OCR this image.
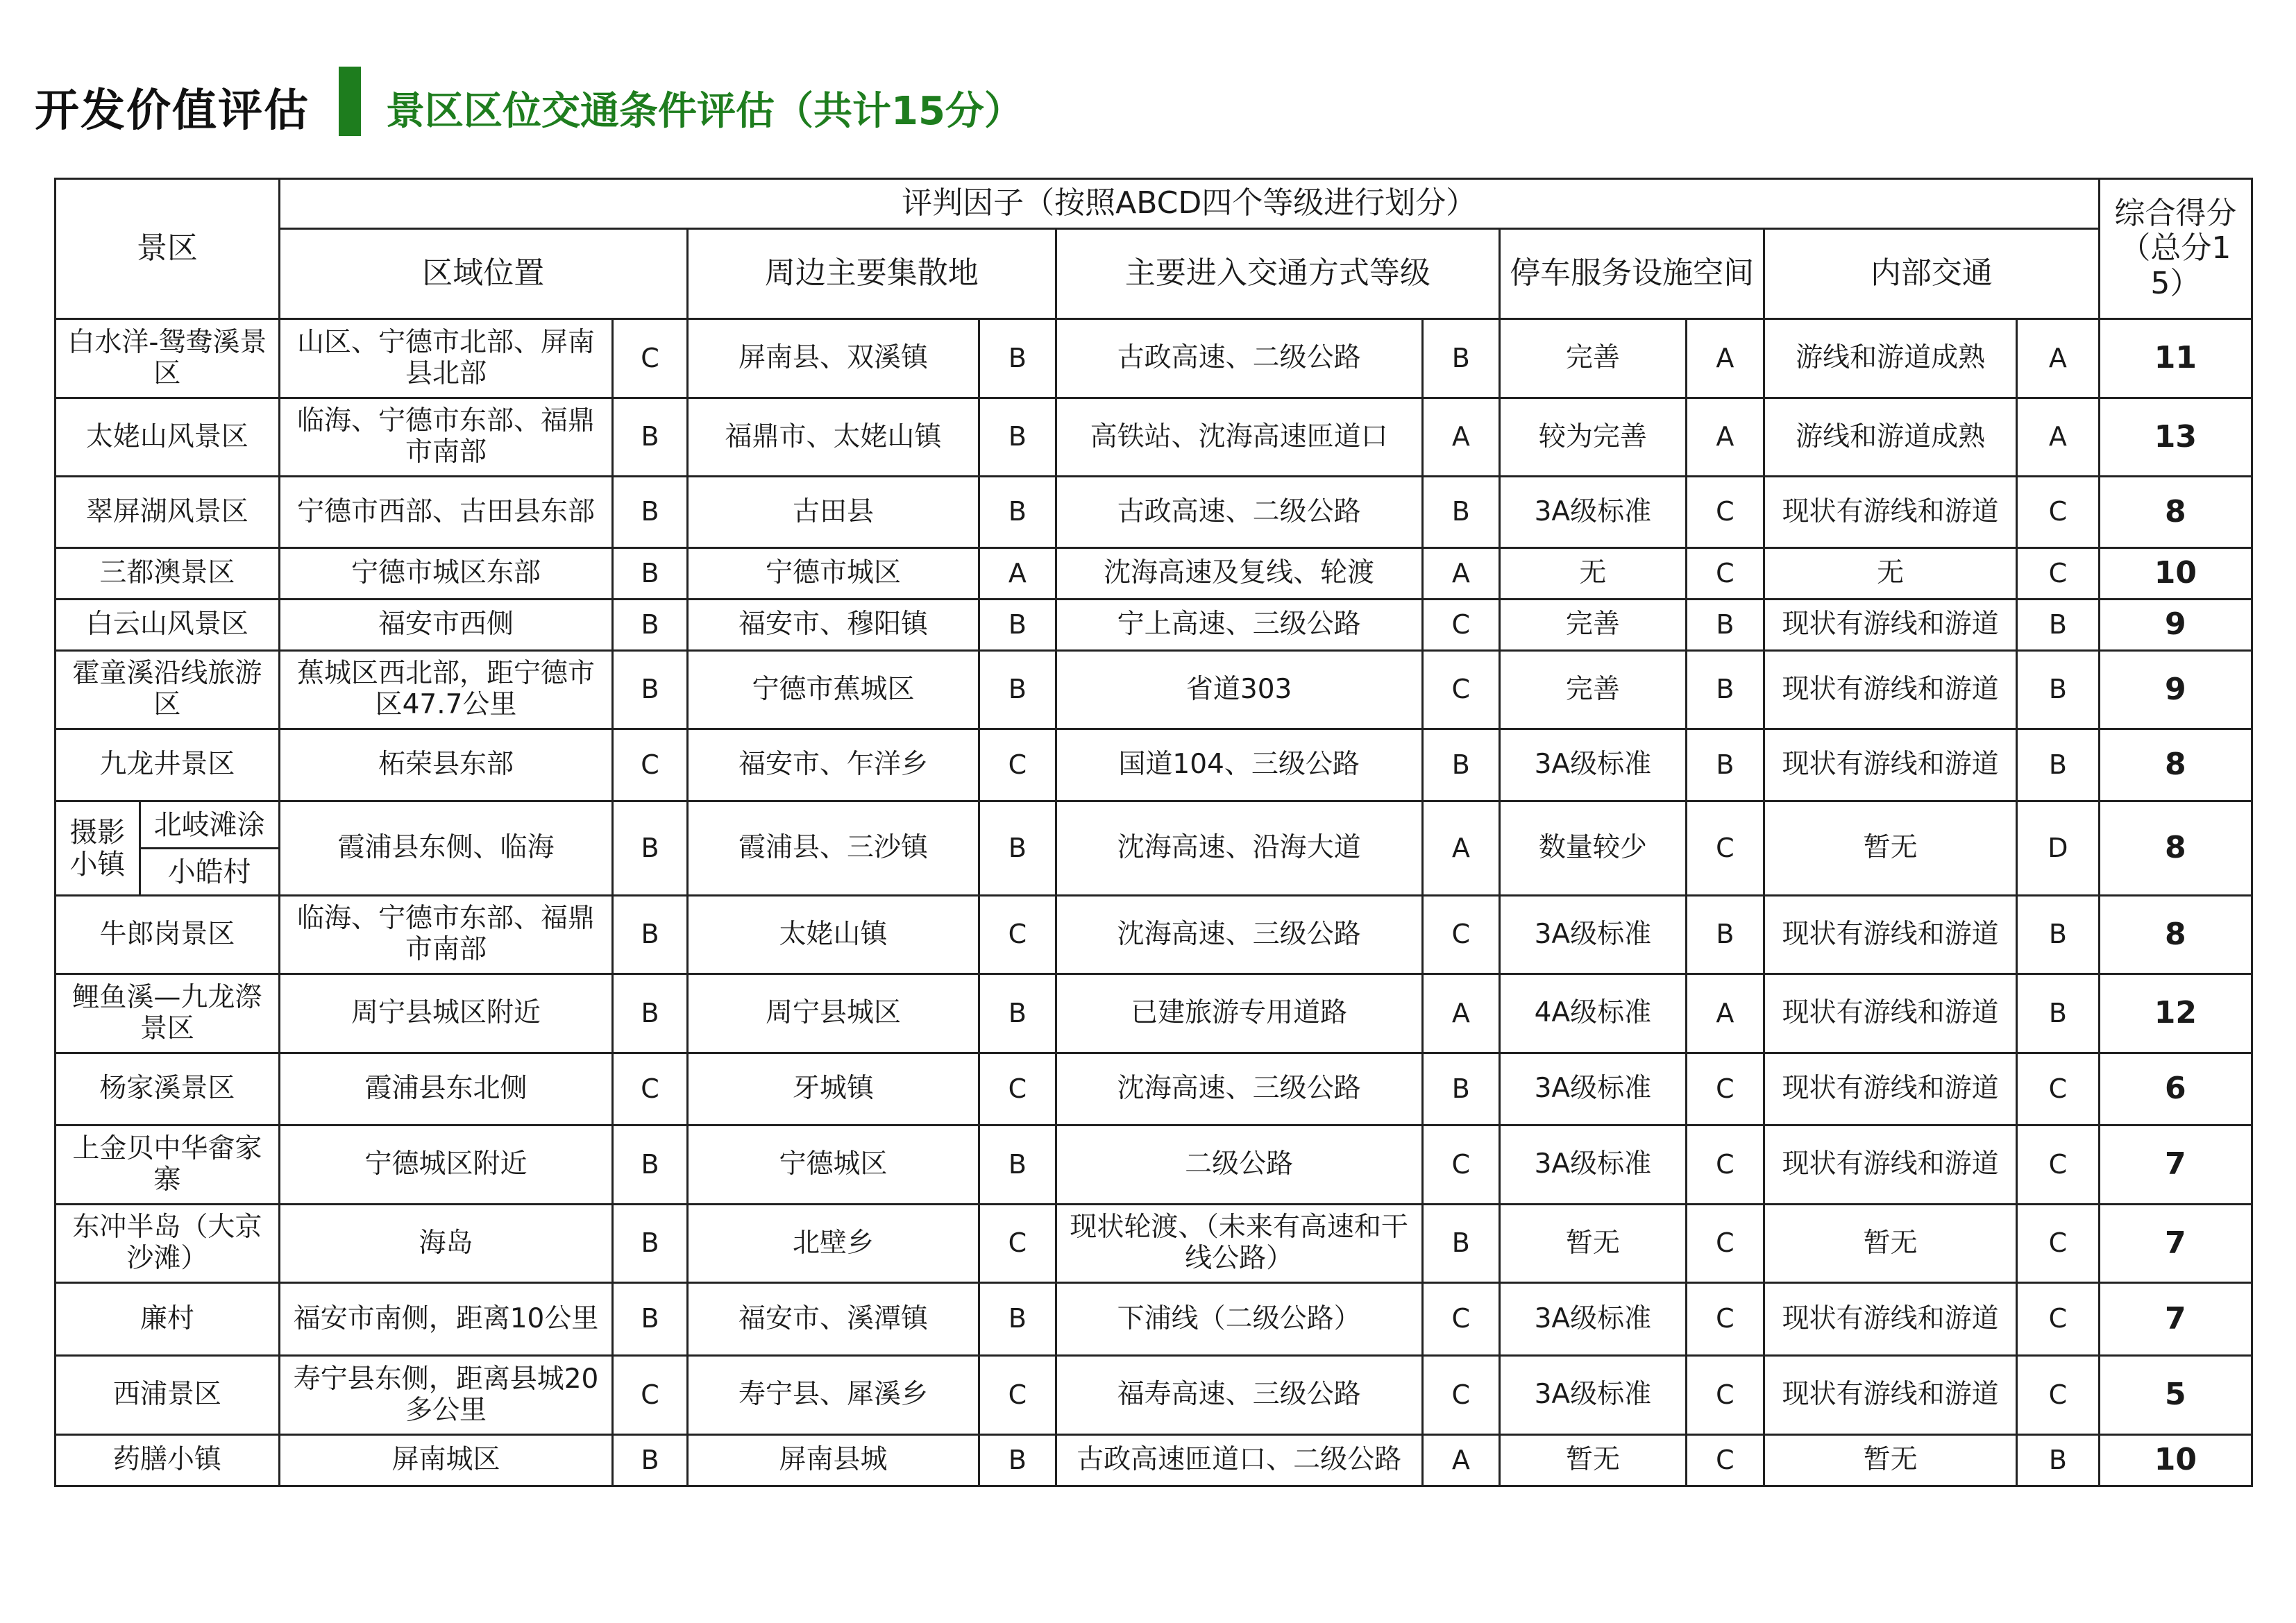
开发价值评估 景区区位交通条件评估（共计15分）
景区		评判因子（按照ABCD四个等级进行划分）										综合得分（总分15）
		区域位置		周边主要集散地		主要进入交通方式等级		停车服务设施空间		内部交通		
白水洋-鸳鸯溪景区		山区、宁德市北部、屏南县北部	C	屏南县、双溪镇	B	古政高速、二级公路	B	完善	A	游线和游道成熟	A	11
太姥山风景区		临海、宁德市东部、福鼎市南部	B	福鼎市、太姥山镇	B	高铁站、沈海高速匝道口	A	较为完善	A	游线和游道成熟	A	13
翠屏湖风景区		宁德市西部、古田县东部	B	古田县	B	古政高速、二级公路	B	3A级标准	C	现状有游线和游道	C	8
三都澳景区		宁德市城区东部	B	宁德市城区	A	沈海高速及复线、轮渡	A	无	C	无	C	10
白云山风景区		福安市西侧	B	福安市、穆阳镇	B	宁上高速、三级公路	C	完善	B	现状有游线和游道	B	9
霍童溪沿线旅游区		蕉城区西北部，距宁德市区47.7公里	B	宁德市蕉城区	B	省道303	C	完善	B	现状有游线和游道	B	9
九龙井景区		柘荣县东部	C	福安市、乍洋乡	C	国道104、三级公路	B	3A级标准	B	现状有游线和游道	B	8
摄影小镇	北岐滩涂	霞浦县东侧、临海	B	霞浦县、三沙镇	B	沈海高速、沿海大道	A	数量较少	C	暂无	D	8
	小皓村											
牛郎岗景区		临海、宁德市东部、福鼎市南部	B	太姥山镇	C	沈海高速、三级公路	C	3A级标准	B	现状有游线和游道	B	8
鲤鱼溪—九龙漈景区		周宁县城区附近	B	周宁县城区	B	已建旅游专用道路	A	4A级标准	A	现状有游线和游道	B	12
杨家溪景区		霞浦县东北侧	C	牙城镇	C	沈海高速、三级公路	B	3A级标准	C	现状有游线和游道	C	6
上金贝中华畲家寨		宁德城区附近	B	宁德城区	B	二级公路	C	3A级标准	C	现状有游线和游道	C	7
东冲半岛（大京沙滩）		海岛	B	北壁乡	C	现状轮渡、（未来有高速和干线公路）	B	暂无	C	暂无	C	7
廉村		福安市南侧，距离10公里	B	福安市、溪潭镇	B	下浦线（二级公路）	C	3A级标准	C	现状有游线和游道	C	7
西浦景区		寿宁县东侧，距离县城20多公里	C	寿宁县、犀溪乡	C	福寿高速、三级公路	C	3A级标准	C	现状有游线和游道	C	5
药膳小镇		屏南城区	B	屏南县城	B	古政高速匝道口、二级公路	A	暂无	C	暂无	B	10
